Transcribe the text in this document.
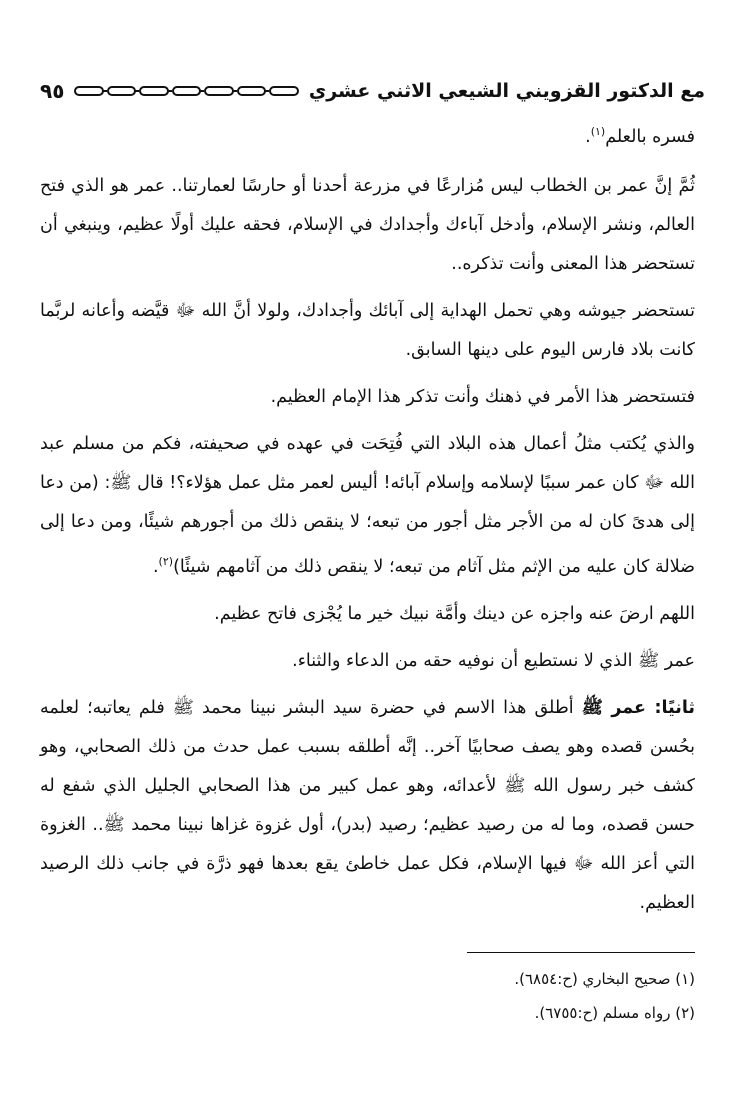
مع الدكتور القزويني الشيعي الاثني عشري
٩٥

فسره بالعلم$^{(١)}$.

ثُمَّ إنَّ عمر بن الخطاب ليس مُزارعًا في مزرعة أحدنا أو حارسًا لعمارتنا.. عمر هو الذي فتح العالم، ونشر الإسلام، وأدخل آباءك وأجدادك في الإسلام، فحقه عليك أولًا عظيم، وينبغي أن تستحضر هذا المعنى وأنت تذكره..

تستحضر جيوشه وهي تحمل الهداية إلى آبائك وأجدادك، ولولا أنَّ الله ﷻ قيَّضه وأعانه لربَّما كانت بلاد فارس اليوم على دينها السابق.

فتستحضر هذا الأمر في ذهنك وأنت تذكر هذا الإمام العظيم.

والذي يُكتب مثلُ أعمال هذه البلاد التي فُتِحَت في عهده في صحيفته، فكم من مسلم عبد الله ﷻ كان عمر سببًا لإسلامه وإسلام آبائه! أليس لعمر مثل عمل هؤلاء؟! قال ﷺ: (من دعا إلى هدىً كان له من الأجر مثل أجور من تبعه؛ لا ينقص ذلك من أجورهم شيئًا، ومن دعا إلى ضلالة كان عليه من الإثم مثل آثام من تبعه؛ لا ينقص ذلك من آثامهم شيئًا)$^{(٢)}$.

اللهم ارضَ عنه واجزه عن دينك وأمَّة نبيك خير ما يُجْزى فاتح عظيم.

عمر ﷺ الذي لا نستطيع أن نوفيه حقه من الدعاء والثناء.

ثانيًا: عمر ﷺ أطلق هذا الاسم في حضرة سيد البشر نبينا محمد ﷺ فلم يعاتبه؛ لعلمه بحُسن قصده وهو يصف صحابيًا آخر.. إنَّه أطلقه بسبب عمل حدث من ذلك الصحابي، وهو كشف خبر رسول الله ﷺ لأعدائه، وهو عمل كبير من هذا الصحابي الجليل الذي شفع له حسن قصده، وما له من رصيد عظيم؛ رصيد (بدر)، أول غزوة غزاها نبينا محمد ﷺ.. الغزوة التي أعز الله ﷻ فيها الإسلام، فكل عمل خاطئ يقع بعدها فهو ذرَّة في جانب ذلك الرصيد العظيم.

(١) صحيح البخاري (ح:٦٨٥٤).

(٢) رواه مسلم (ح:٦٧٥٥).
